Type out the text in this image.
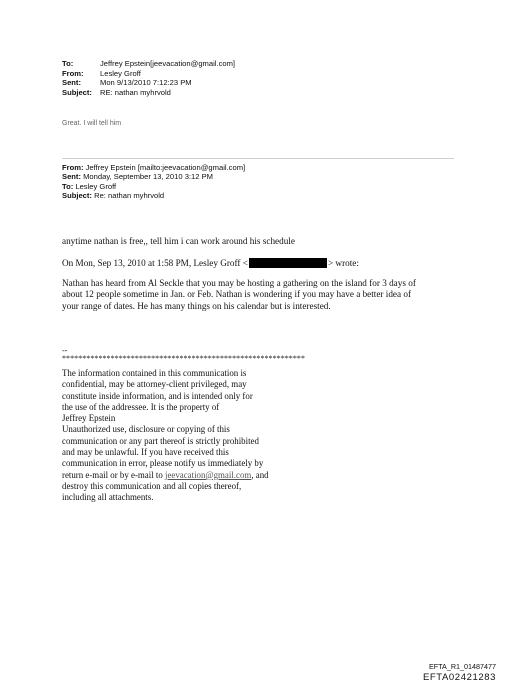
To:	Jeffrey Epstein[jeevacation@gmail.com]
From:	Lesley Groff
Sent:	Mon 9/13/2010 7:12:23 PM
Subject:	RE: nathan myhrvold
Great. I will tell him
From: Jeffrey Epstein [mailto:jeevacation@gmail.com]
Sent: Monday, September 13, 2010 3:12 PM
To: Lesley Groff
Subject: Re: nathan myhrvold
anytime nathan is free,, tell him i can work around his schedule
On Mon, Sep 13, 2010 at 1:58 PM, Lesley Groff <	> wrote:
Nathan has heard from Al Seckle that you may be hosting a gathering on the island for 3 days of
about 12 people sometime in Jan. or Feb. Nathan is wondering if you may have a better idea of
your range of dates. He has many things on his calendar but is interested.
--
************************************************************
The information contained in this communication is
confidential, may be attorney-client privileged, may
constitute inside information, and is intended only for
the use of the addressee. It is the property of
Jeffrey Epstein
Unauthorized use, disclosure or copying of this
communication or any part thereof is strictly prohibited
and may be unlawful. If you have received this
communication in error, please notify us immediately by
return e-mail or by e-mail to jeevacation@gmail.com, and
destroy this communication and all copies thereof,
including all attachments.
EFTA_R1_01487477
EFTA02421283
